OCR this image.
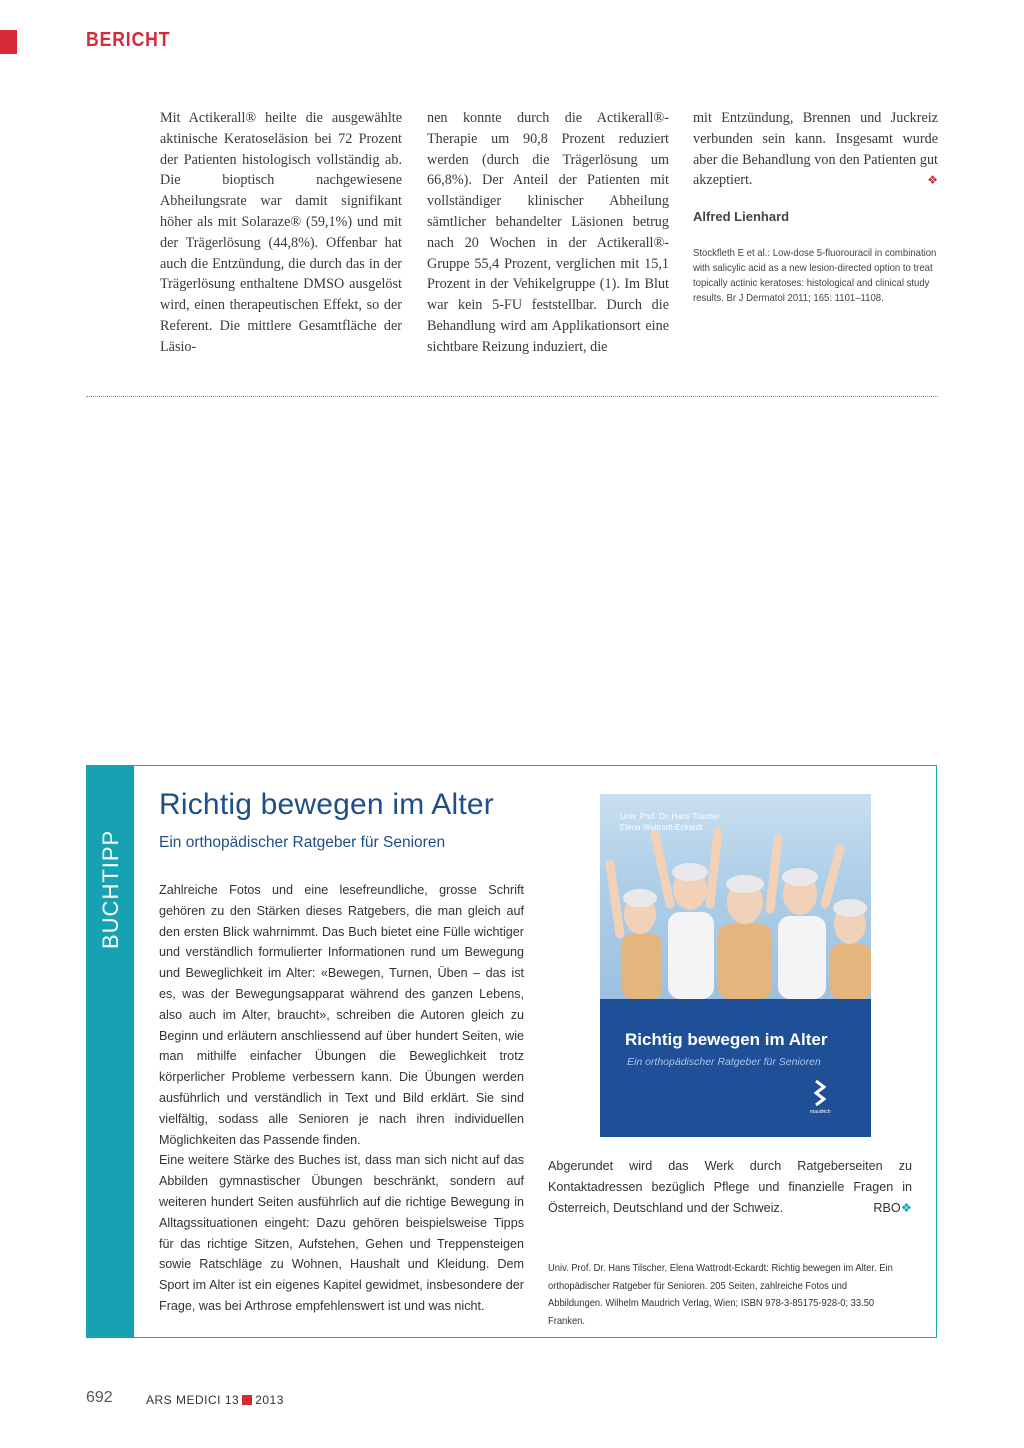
BERICHT
Mit Actikerall® heilte die ausgewählte aktinische Keratoseläsion bei 72 Prozent der Patienten histologisch vollständig ab. Die bioptisch nachgewiesene Abheilungsrate war damit signifikant höher als mit Solaraze® (59,1%) und mit der Trägerlösung (44,8%). Offenbar hat auch die Entzündung, die durch das in der Trägerlösung enthaltene DMSO ausgelöst wird, einen therapeutischen Effekt, so der Referent. Die mittlere Gesamtfläche der Läsio-
nen konnte durch die Actikerall®-Therapie um 90,8 Prozent reduziert werden (durch die Trägerlösung um 66,8%). Der Anteil der Patienten mit vollständiger klinischer Abheilung sämtlicher behandelter Läsionen betrug nach 20 Wochen in der Actikerall®-Gruppe 55,4 Prozent, verglichen mit 15,1 Prozent in der Vehikelgruppe (1). Im Blut war kein 5-FU feststellbar. Durch die Behandlung wird am Applikationsort eine sichtbare Reizung induziert, die
mit Entzündung, Brennen und Juckreiz verbunden sein kann. Insgesamt wurde aber die Behandlung von den Patienten gut akzeptiert.	❖
Alfred Lienhard
Stockfleth E et al.: Low-dose 5-fluorouracil in combination with salicylic acid as a new lesion-directed option to treat topically actinic keratoses: histological and clinical study results. Br J Dermatol 2011; 165: 1101–1108.
BUCHTIPP
Richtig bewegen im Alter
Ein orthopädischer Ratgeber für Senioren

Zahlreiche Fotos und eine lesefreundliche, grosse Schrift gehören zu den Stärken dieses Ratgebers, die man gleich auf den ersten Blick wahrnimmt. Das Buch bietet eine Fülle wichtiger und verständlich formulierter Informationen rund um Bewegung und Beweglichkeit im Alter: «Bewegen, Turnen, Üben – das ist es, was der Bewegungsapparat während des ganzen Lebens, also auch im Alter, braucht», schreiben die Autoren gleich zu Beginn und erläutern anschliessend auf über hundert Seiten, wie man mithilfe einfacher Übungen die Beweglichkeit trotz körperlicher Probleme verbessern kann. Die Übungen werden ausführlich und verständlich in Text und Bild erklärt. Sie sind vielfältig, sodass alle Senioren je nach ihren individuellen Möglichkeiten das Passende finden.

Eine weitere Stärke des Buches ist, dass man sich nicht auf das Abbilden gymnastischer Übungen beschränkt, sondern auf weiteren hundert Seiten ausführlich auf die richtige Bewegung in Alltagssituationen eingeht: Dazu gehören beispielsweise Tipps für das richtige Sitzen, Aufstehen, Gehen und Treppensteigen sowie Ratschläge zu Wohnen, Haushalt und Kleidung. Dem Sport im Alter ist ein eigenes Kapitel gewidmet, insbesondere der Frage, was bei Arthrose empfehlenswert ist und was nicht.

Univ. Prof. Dr. Hans Tilscher
Elena Wattrodt-Eckardt
Richtig bewegen im Alter
Ein orthopädischer Ratgeber für Senioren
maudrich
Abgerundet wird das Werk durch Ratgeberseiten zu Kontaktadressen bezüglich Pflege und finanzielle Fragen in Österreich, Deutschland und der Schweiz.	RBO❖
Univ. Prof. Dr. Hans Tilscher, Elena Wattrodt-Eckardt: Richtig bewegen im Alter. Ein orthopädischer Ratgeber für Senioren. 205 Seiten, zahlreiche Fotos und Abbildungen. Wilhelm Maudrich Verlag, Wien; ISBN 978-3-85175-928-0; 33.50 Franken.
692	ARS MEDICI 13 2013
